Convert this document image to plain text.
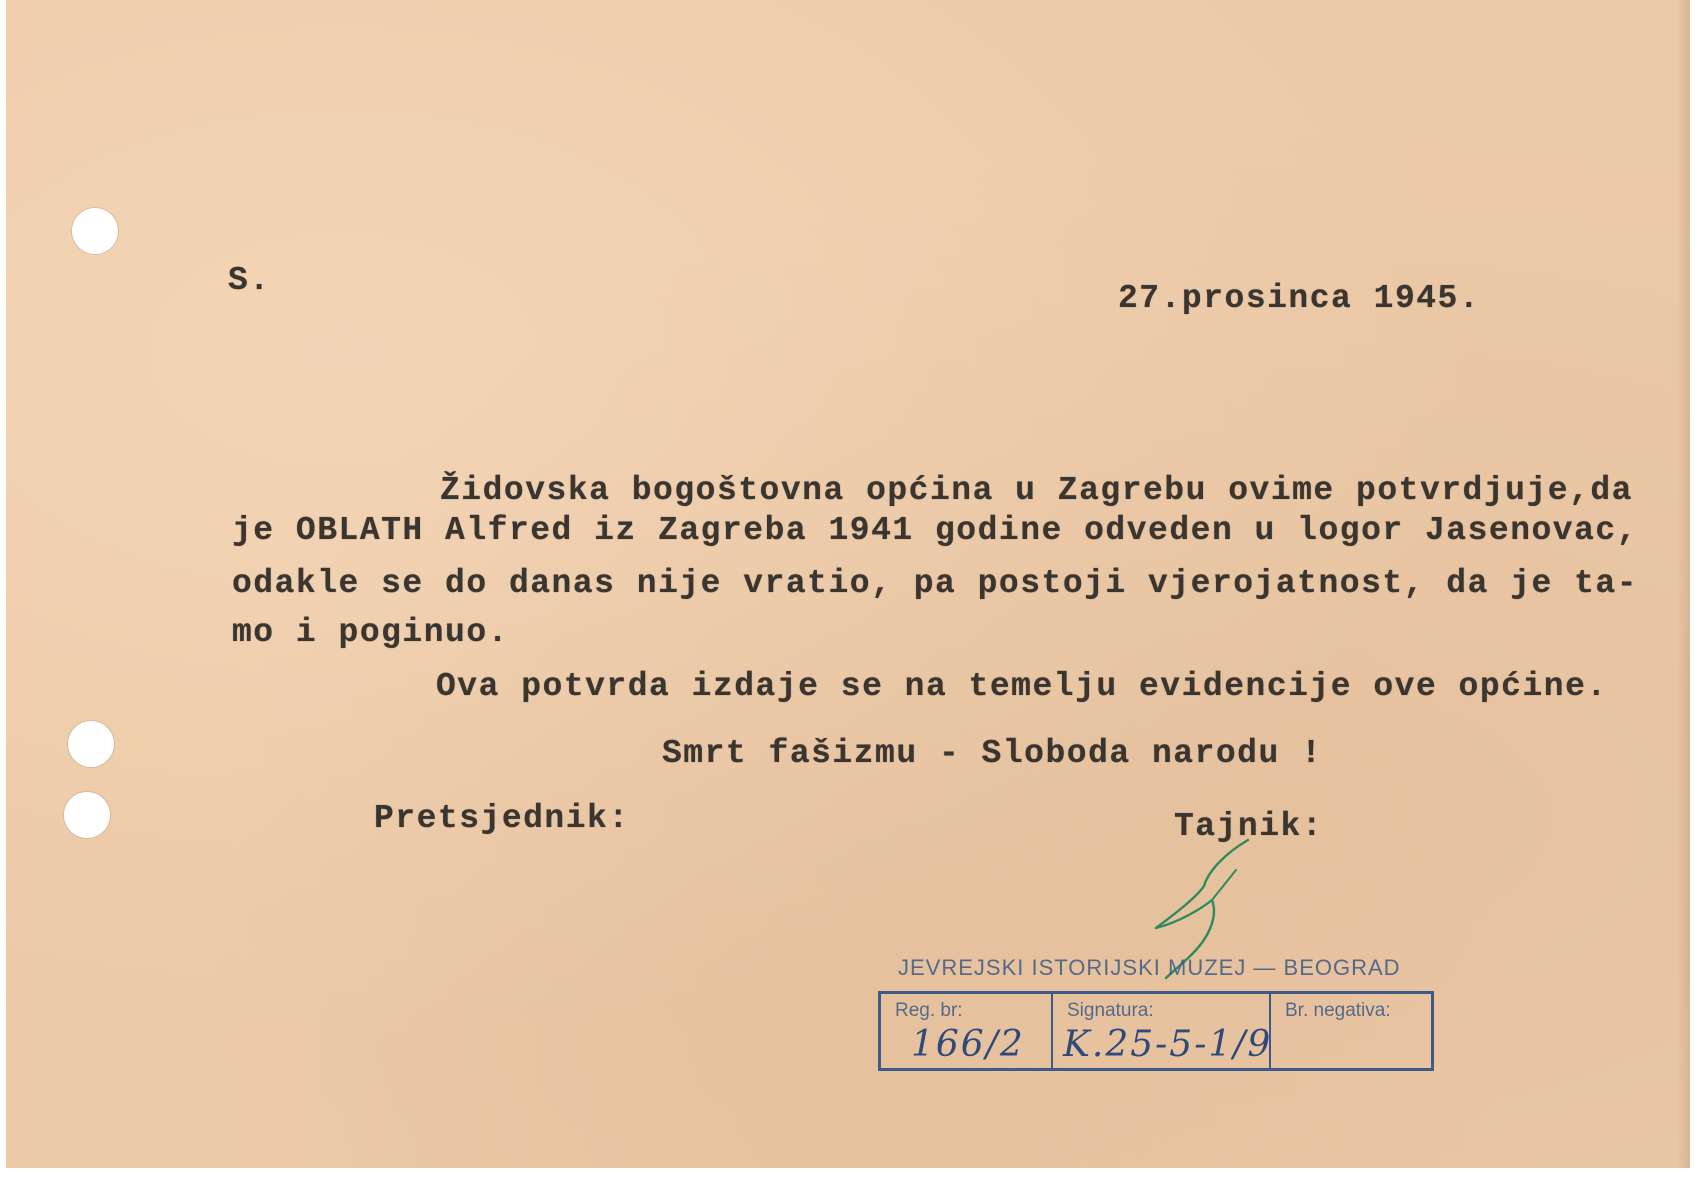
S.	27.prosinca 1945.
Židovska bogoštovna općina u Zagrebu ovime potvrdjuje,da
je OBLATH Alfred iz Zagreba 1941 godine odveden u logor Jasenovac,
odakle se do danas nije vratio, pa postoji vjerojatnost, da je ta-
mo i poginuo.
Ova potvrda izdaje se na temelju evidencije ove općine.
Smrt fašizmu - Sloboda narodu !
Pretsjednik:	Tajnik:
JEVREJSKI ISTORIJSKI MUZEJ — BEOGRAD
Reg. br:
166/2
Signatura:
K.25-5-1/9
Br. negativa:
